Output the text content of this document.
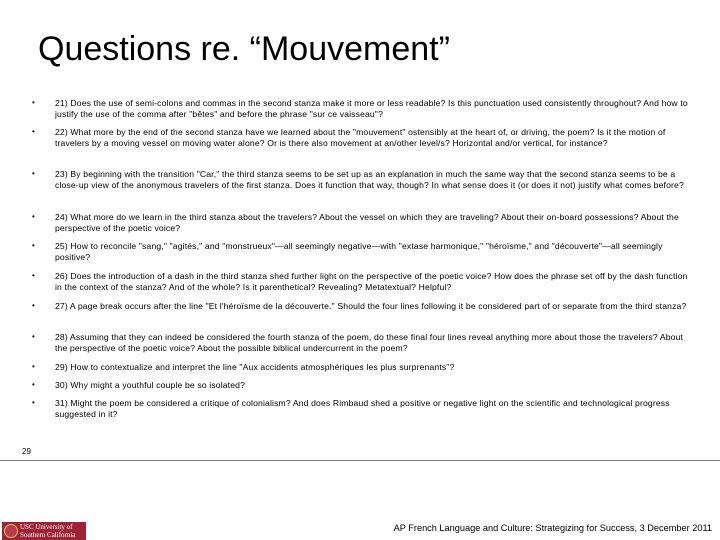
Questions re. “Mouvement”
• 21) Does the use of semi-colons and commas in the second stanza make it more or less readable? Is this punctuation used consistently throughout? And how to justify the use of the comma after "bêtes" and before the phrase "sur ce vaisseau"?
• 22) What more by the end of the second stanza have we learned about the "mouvement" ostensibly at the heart of, or driving, the poem? Is it the motion of travelers by a moving vessel on moving water alone? Or is there also movement at an/other level/s? Horizontal and/or vertical, for instance?
• 23) By beginning with the transition "Car," the third stanza seems to be set up as an explanation in much the same way that the second stanza seems to be a close-up view of the anonymous travelers of the first stanza. Does it function that way, though? In what sense does it (or does it not) justify what comes before?
• 24) What more do we learn in the third stanza about the travelers? About the vessel on which they are traveling? About their on-board possessions? About the perspective of the poetic voice?
• 25) How to reconcile "sang," "agités," and "monstrueux"—all seemingly negative—with "extase harmonique," "héroïsme," and "découverte"—all seemingly positive?
• 26) Does the introduction of a dash in the third stanza shed further light on the perspective of the poetic voice? How does the phrase set off by the dash function in the context of the stanza? And of the whole? Is it parenthetical? Revealing? Metatextual? Helpful?
• 27) A page break occurs after the line "Et l'héroïsme de la découverte." Should the four lines following it be considered part of or separate from the third stanza?
• 28) Assuming that they can indeed be considered the fourth stanza of the poem, do these final four lines reveal anything more about those the travelers? About the perspective of the poetic voice? About the possible biblical undercurrent in the poem?
• 29) How to contextualize and interpret the line "Aux accidents atmosphériques les plus surprenants"?
• 30) Why might a youthful couple be so isolated?
• 31) Might the poem be considered a critique of colonialism? And does Rimbaud shed a positive or negative light on the scientific and technological progress suggested in it?
29
USC University of
Southern California
AP French Language and Culture: Strategizing for Success, 3 December 2011
